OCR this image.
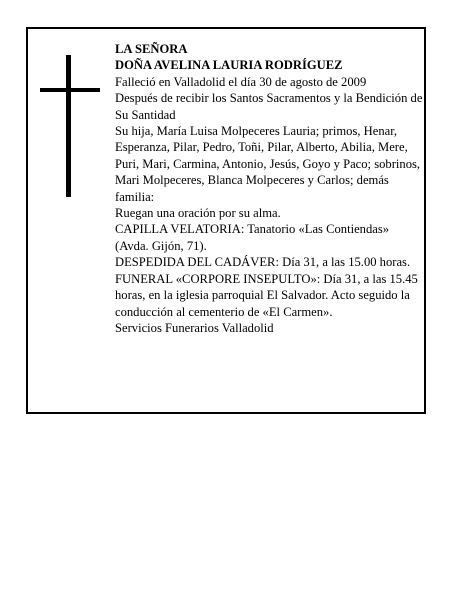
LA SEÑORA

DOÑA AVELINA LAURIA RODRÍGUEZ

Falleció en Valladolid el día 30 de agosto de 2009

Después de recibir los Santos Sacramentos y la Bendición de Su Santidad

Su hija, María Luisa Molpeceres Lauria; primos, Henar, Esperanza, Pilar, Pedro, Toñi, Pilar, Alberto, Abilia, Mere, Puri, Mari, Carmina, Antonio, Jesús, Goyo y Paco; sobrinos, Mari Molpeceres, Blanca Molpeceres y Carlos; demás familia:

Ruegan una oración por su alma.

CAPILLA VELATORIA: Tanatorio «Las Contiendas» (Avda. Gijón, 71).

DESPEDIDA DEL CADÁVER: Día 31, a las 15.00 horas.

FUNERAL «CORPORE INSEPULTO»: Día 31, a las 15.45 horas, en la iglesia parroquial El Salvador. Acto seguido la conducción al cementerio de «El Carmen».

Servicios Funerarios Valladolid
